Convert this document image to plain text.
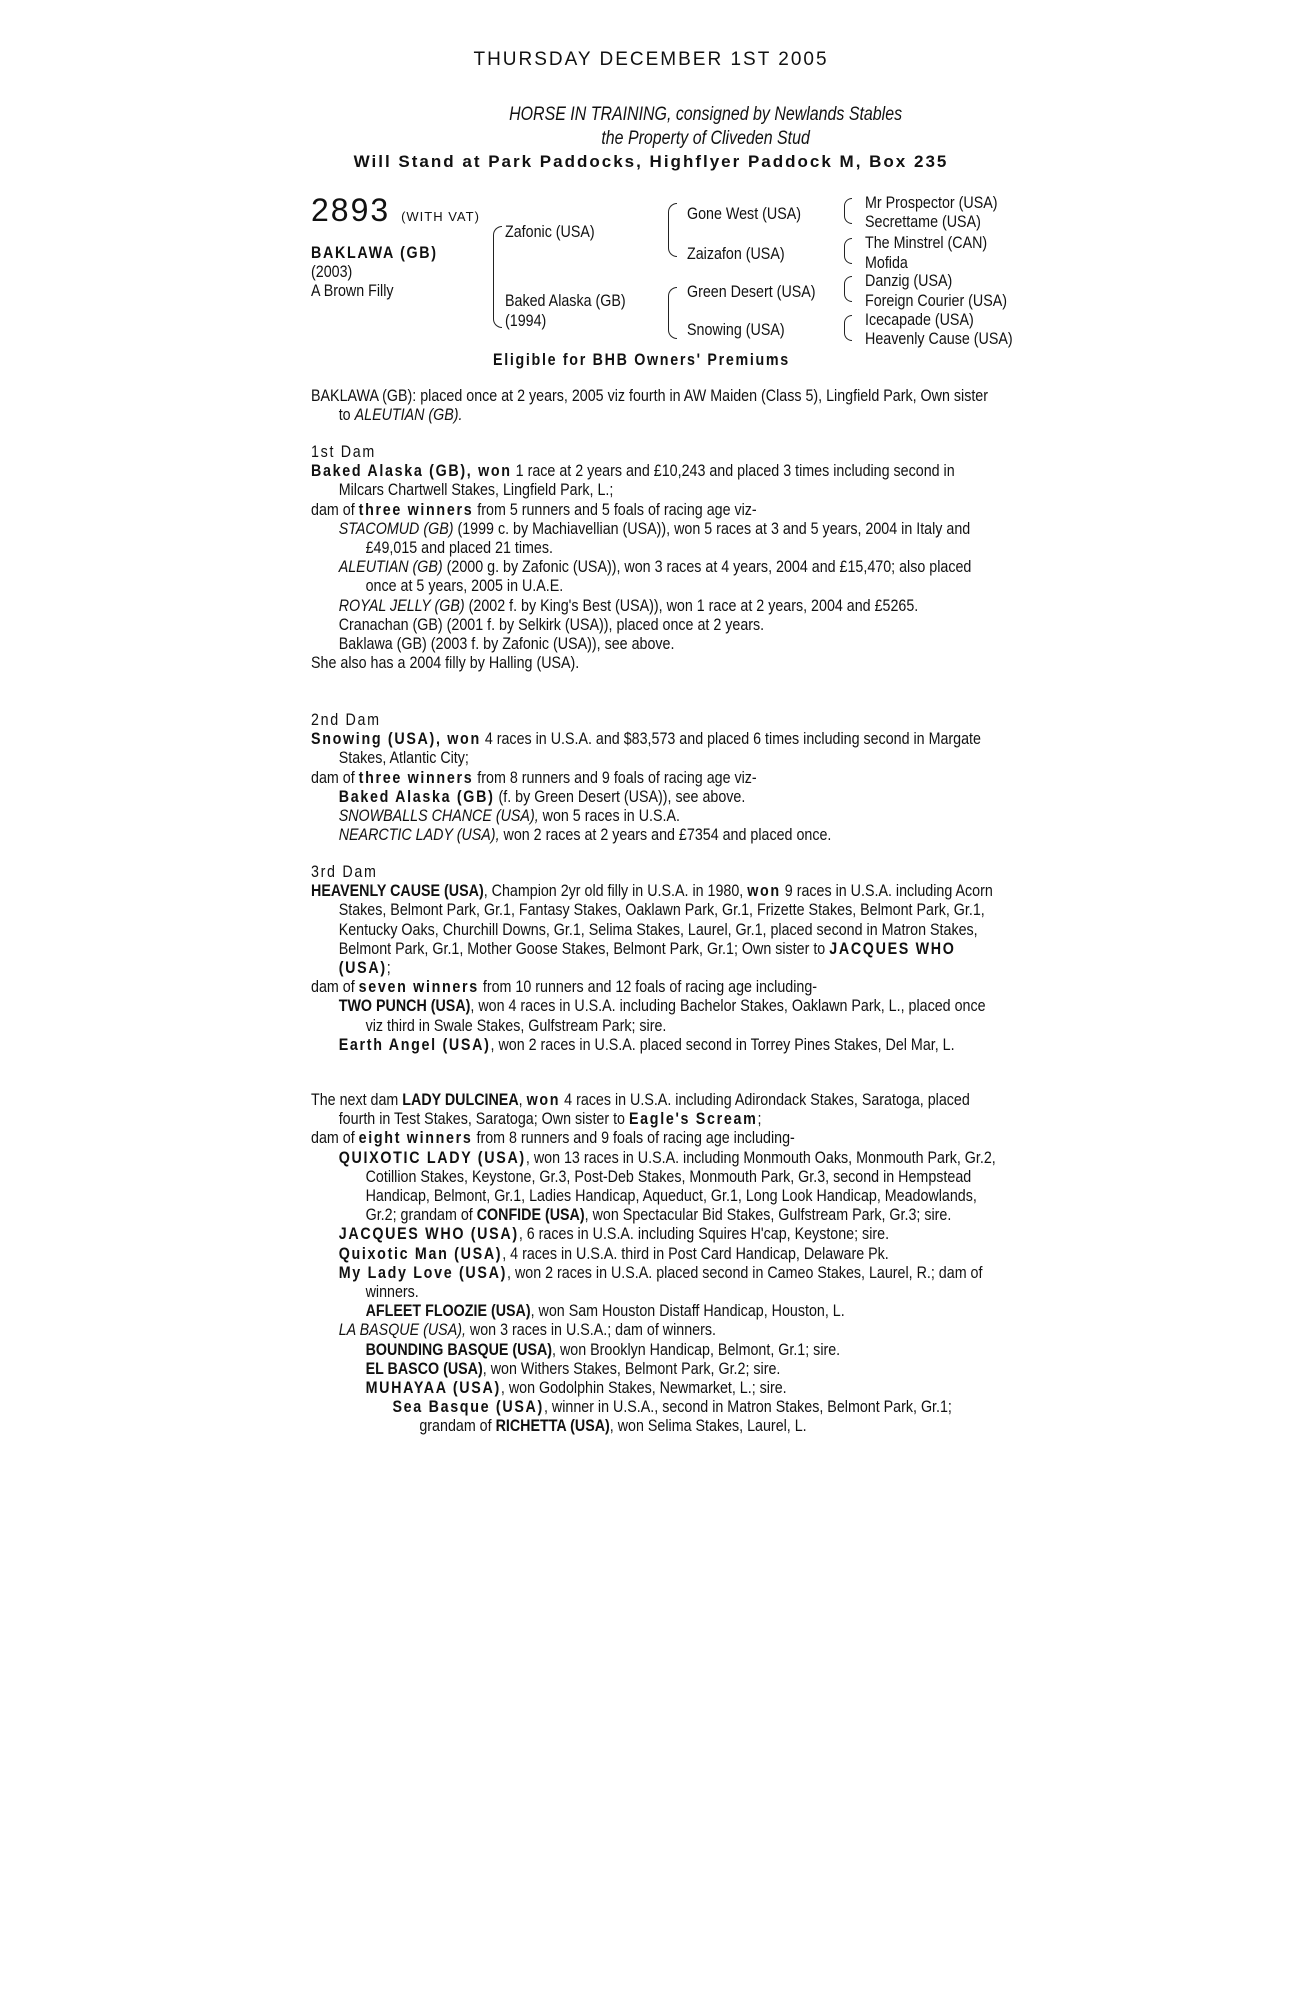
THURSDAY DECEMBER 1ST 2005
HORSE IN TRAINING, consigned by Newlands Stables
the Property of Cliveden Stud
Will Stand at Park Paddocks, Highflyer Paddock M, Box 235
2893 (WITH VAT)
BAKLAWA (GB)
(2003)
A Brown Filly
Zafonic (USA)
Baked Alaska (GB)
(1994)
Gone West (USA)
Zaizafon (USA)
Green Desert (USA)
Snowing (USA)
Mr Prospector (USA)
Secrettame (USA)
The Minstrel (CAN)
Mofida
Danzig (USA)
Foreign Courier (USA)
Icecapade (USA)
Heavenly Cause (USA)
Eligible for BHB Owners' Premiums

BAKLAWA (GB): placed once at 2 years, 2005 viz fourth in AW Maiden (Class 5), Lingfield Park, Own sister to ALEUTIAN (GB).

1st Dam

Baked Alaska (GB), won 1 race at 2 years and £10,243 and placed 3 times including second in Milcars Chartwell Stakes, Lingfield Park, L.;

dam of three winners from 5 runners and 5 foals of racing age viz-

STACOMUD (GB) (1999 c. by Machiavellian (USA)), won 5 races at 3 and 5 years, 2004 in Italy and £49,015 and placed 21 times.

ALEUTIAN (GB) (2000 g. by Zafonic (USA)), won 3 races at 4 years, 2004 and £15,470; also placed once at 5 years, 2005 in U.A.E.

ROYAL JELLY (GB) (2002 f. by King's Best (USA)), won 1 race at 2 years, 2004 and £5265.

Cranachan (GB) (2001 f. by Selkirk (USA)), placed once at 2 years.

Baklawa (GB) (2003 f. by Zafonic (USA)), see above.

She also has a 2004 filly by Halling (USA).

2nd Dam

Snowing (USA), won 4 races in U.S.A. and $83,573 and placed 6 times including second in Margate Stakes, Atlantic City;

dam of three winners from 8 runners and 9 foals of racing age viz-

Baked Alaska (GB) (f. by Green Desert (USA)), see above.

SNOWBALLS CHANCE (USA), won 5 races in U.S.A.

NEARCTIC LADY (USA), won 2 races at 2 years and £7354 and placed once.

3rd Dam

HEAVENLY CAUSE (USA), Champion 2yr old filly in U.S.A. in 1980, won 9 races in U.S.A. including Acorn Stakes, Belmont Park, Gr.1, Fantasy Stakes, Oaklawn Park, Gr.1, Frizette Stakes, Belmont Park, Gr.1, Kentucky Oaks, Churchill Downs, Gr.1, Selima Stakes, Laurel, Gr.1, placed second in Matron Stakes, Belmont Park, Gr.1, Mother Goose Stakes, Belmont Park, Gr.1; Own sister to JACQUES WHO (USA);

dam of seven winners from 10 runners and 12 foals of racing age including-

TWO PUNCH (USA), won 4 races in U.S.A. including Bachelor Stakes, Oaklawn Park, L., placed once viz third in Swale Stakes, Gulfstream Park; sire.

Earth Angel (USA), won 2 races in U.S.A. placed second in Torrey Pines Stakes, Del Mar, L.

The next dam LADY DULCINEA, won 4 races in U.S.A. including Adirondack Stakes, Saratoga, placed fourth in Test Stakes, Saratoga; Own sister to Eagle's Scream;

dam of eight winners from 8 runners and 9 foals of racing age including-

QUIXOTIC LADY (USA), won 13 races in U.S.A. including Monmouth Oaks, Monmouth Park, Gr.2, Cotillion Stakes, Keystone, Gr.3, Post-Deb Stakes, Monmouth Park, Gr.3, second in Hempstead Handicap, Belmont, Gr.1, Ladies Handicap, Aqueduct, Gr.1, Long Look Handicap, Meadowlands, Gr.2; grandam of CONFIDE (USA), won Spectacular Bid Stakes, Gulfstream Park, Gr.3; sire.

JACQUES WHO (USA), 6 races in U.S.A. including Squires H'cap, Keystone; sire.

Quixotic Man (USA), 4 races in U.S.A. third in Post Card Handicap, Delaware Pk.

My Lady Love (USA), won 2 races in U.S.A. placed second in Cameo Stakes, Laurel, R.; dam of winners.

AFLEET FLOOZIE (USA), won Sam Houston Distaff Handicap, Houston, L.

LA BASQUE (USA), won 3 races in U.S.A.; dam of winners.

BOUNDING BASQUE (USA), won Brooklyn Handicap, Belmont, Gr.1; sire.

EL BASCO (USA), won Withers Stakes, Belmont Park, Gr.2; sire.

MUHAYAA (USA), won Godolphin Stakes, Newmarket, L.; sire.

Sea Basque (USA), winner in U.S.A., second in Matron Stakes, Belmont Park, Gr.1; grandam of RICHETTA (USA), won Selima Stakes, Laurel, L.
